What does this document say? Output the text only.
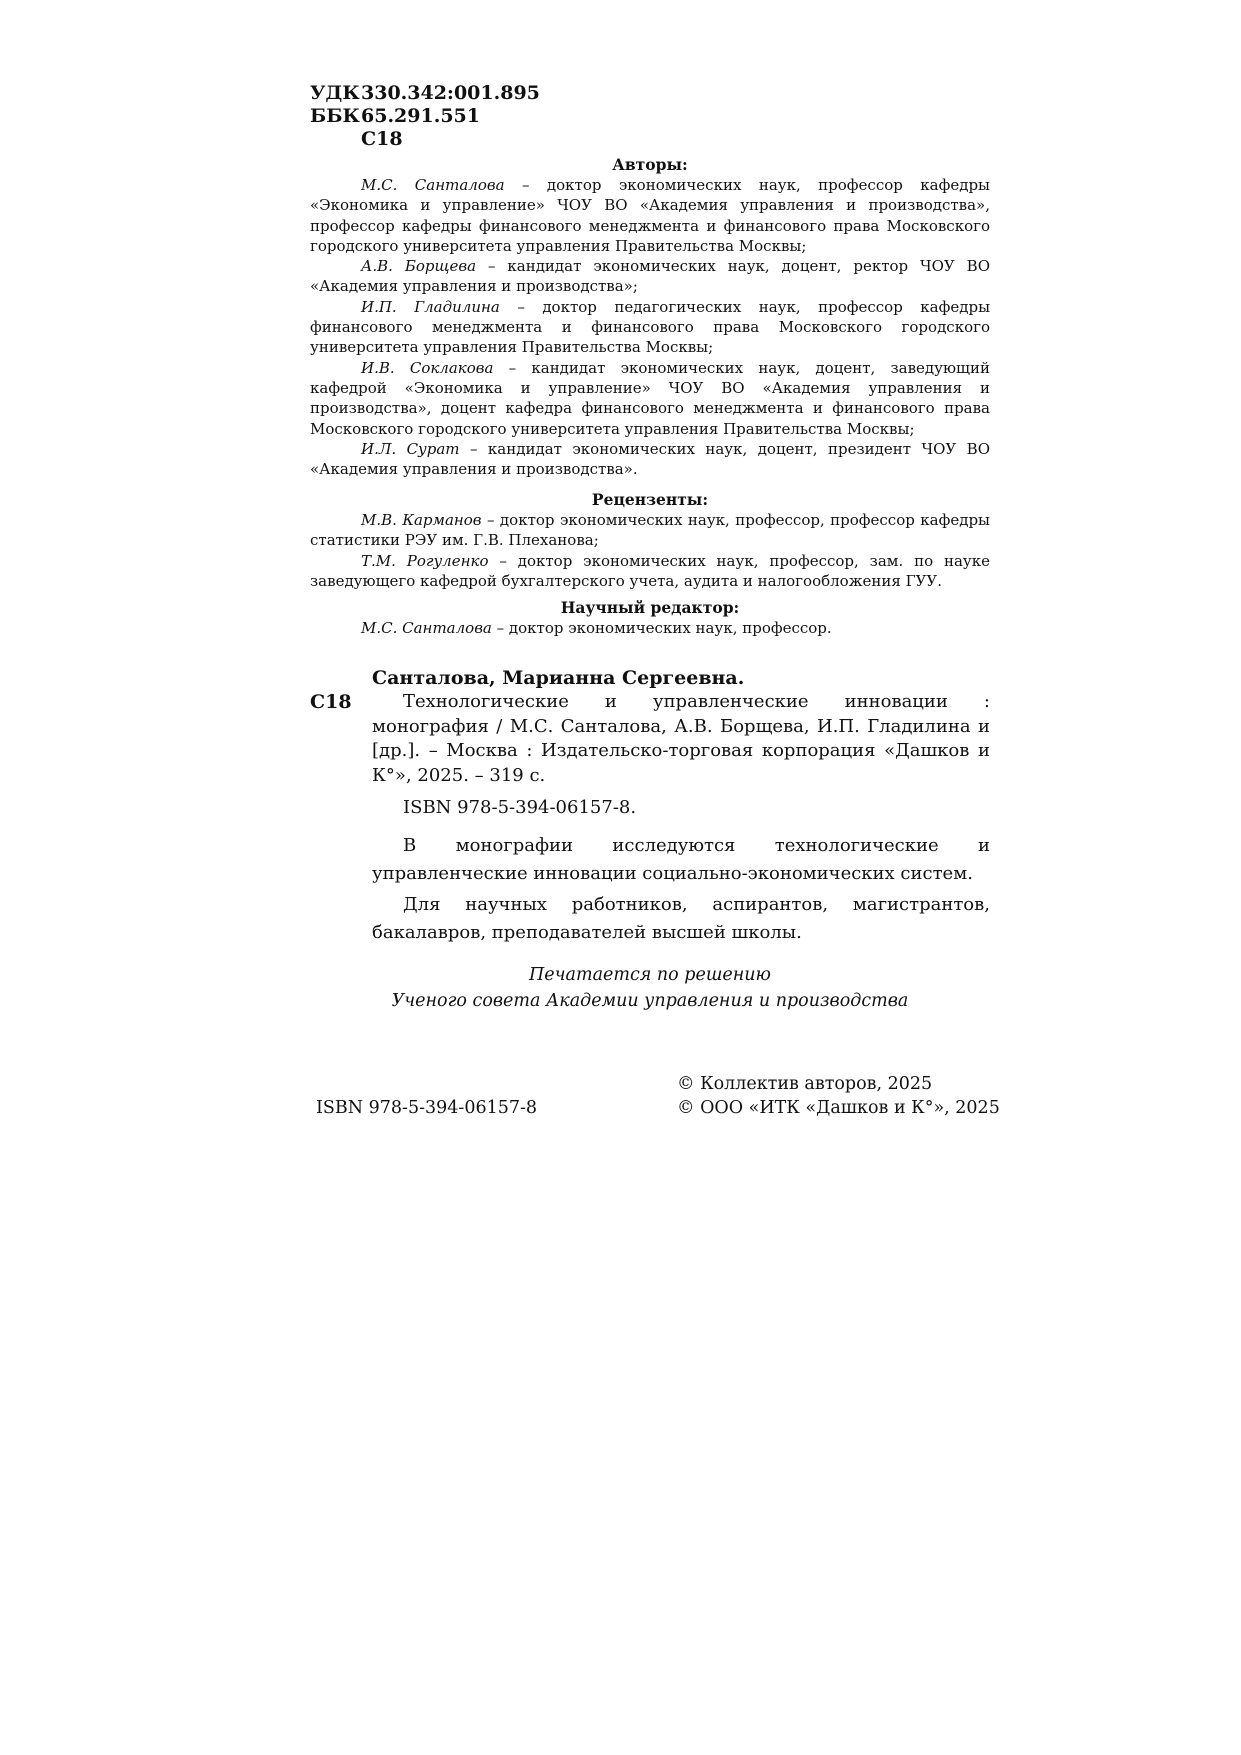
УДК 330.342:001.895
ББК 65.291.551
С18
Авторы:

М.С. Санталова – доктор экономических наук, профессор кафедры «Экономика и управление» ЧОУ ВО «Академия управления и производства», профессор кафедры финансового менеджмента и финансового права Московского городского университета управления Правительства Москвы;

А.В. Борщева – кандидат экономических наук, доцент, ректор ЧОУ ВО «Академия управления и производства»;

И.П. Гладилина – доктор педагогических наук, профессор кафедры финансового менеджмента и финансового права Московского городского университета управления Правительства Москвы;

И.В. Соклакова – кандидат экономических наук, доцент, заведующий кафедрой «Экономика и управление» ЧОУ ВО «Академия управления и производства», доцент кафедра финансового менеджмента и финансового права Московского городского университета управления Правительства Москвы;

И.Л. Сурат – кандидат экономических наук, доцент, президент ЧОУ ВО «Академия управления и производства».

Рецензенты:

М.В. Карманов – доктор экономических наук, профессор, профессор кафедры статистики РЭУ им. Г.В. Плеханова;

Т.М. Рогуленко – доктор экономических наук, профессор, зам. по науке заведующего кафедрой бухгалтерского учета, аудита и налогообложения ГУУ.

Научный редактор:

М.С. Санталова – доктор экономических наук, профессор.

Санталова, Марианна Сергеевна.
С18	Технологические и управленческие инновации : монография / М.С. Санталова, А.В. Борщева, И.П. Гладилина и [др.]. – Москва : Издательско-торговая корпорация «Дашков и К°», 2025. – 319 с.

ISBN 978-5-394-06157-8.

В монографии исследуются технологические и управленческие инновации социально-экономических систем.

Для научных работников, аспирантов, магистрантов, бакалавров, преподавателей высшей школы.

Печатается по решению
Ученого совета Академии управления и производства
ISBN 978-5-394-06157-8
© Коллектив авторов, 2025
© ООО «ИТК «Дашков и К°», 2025
